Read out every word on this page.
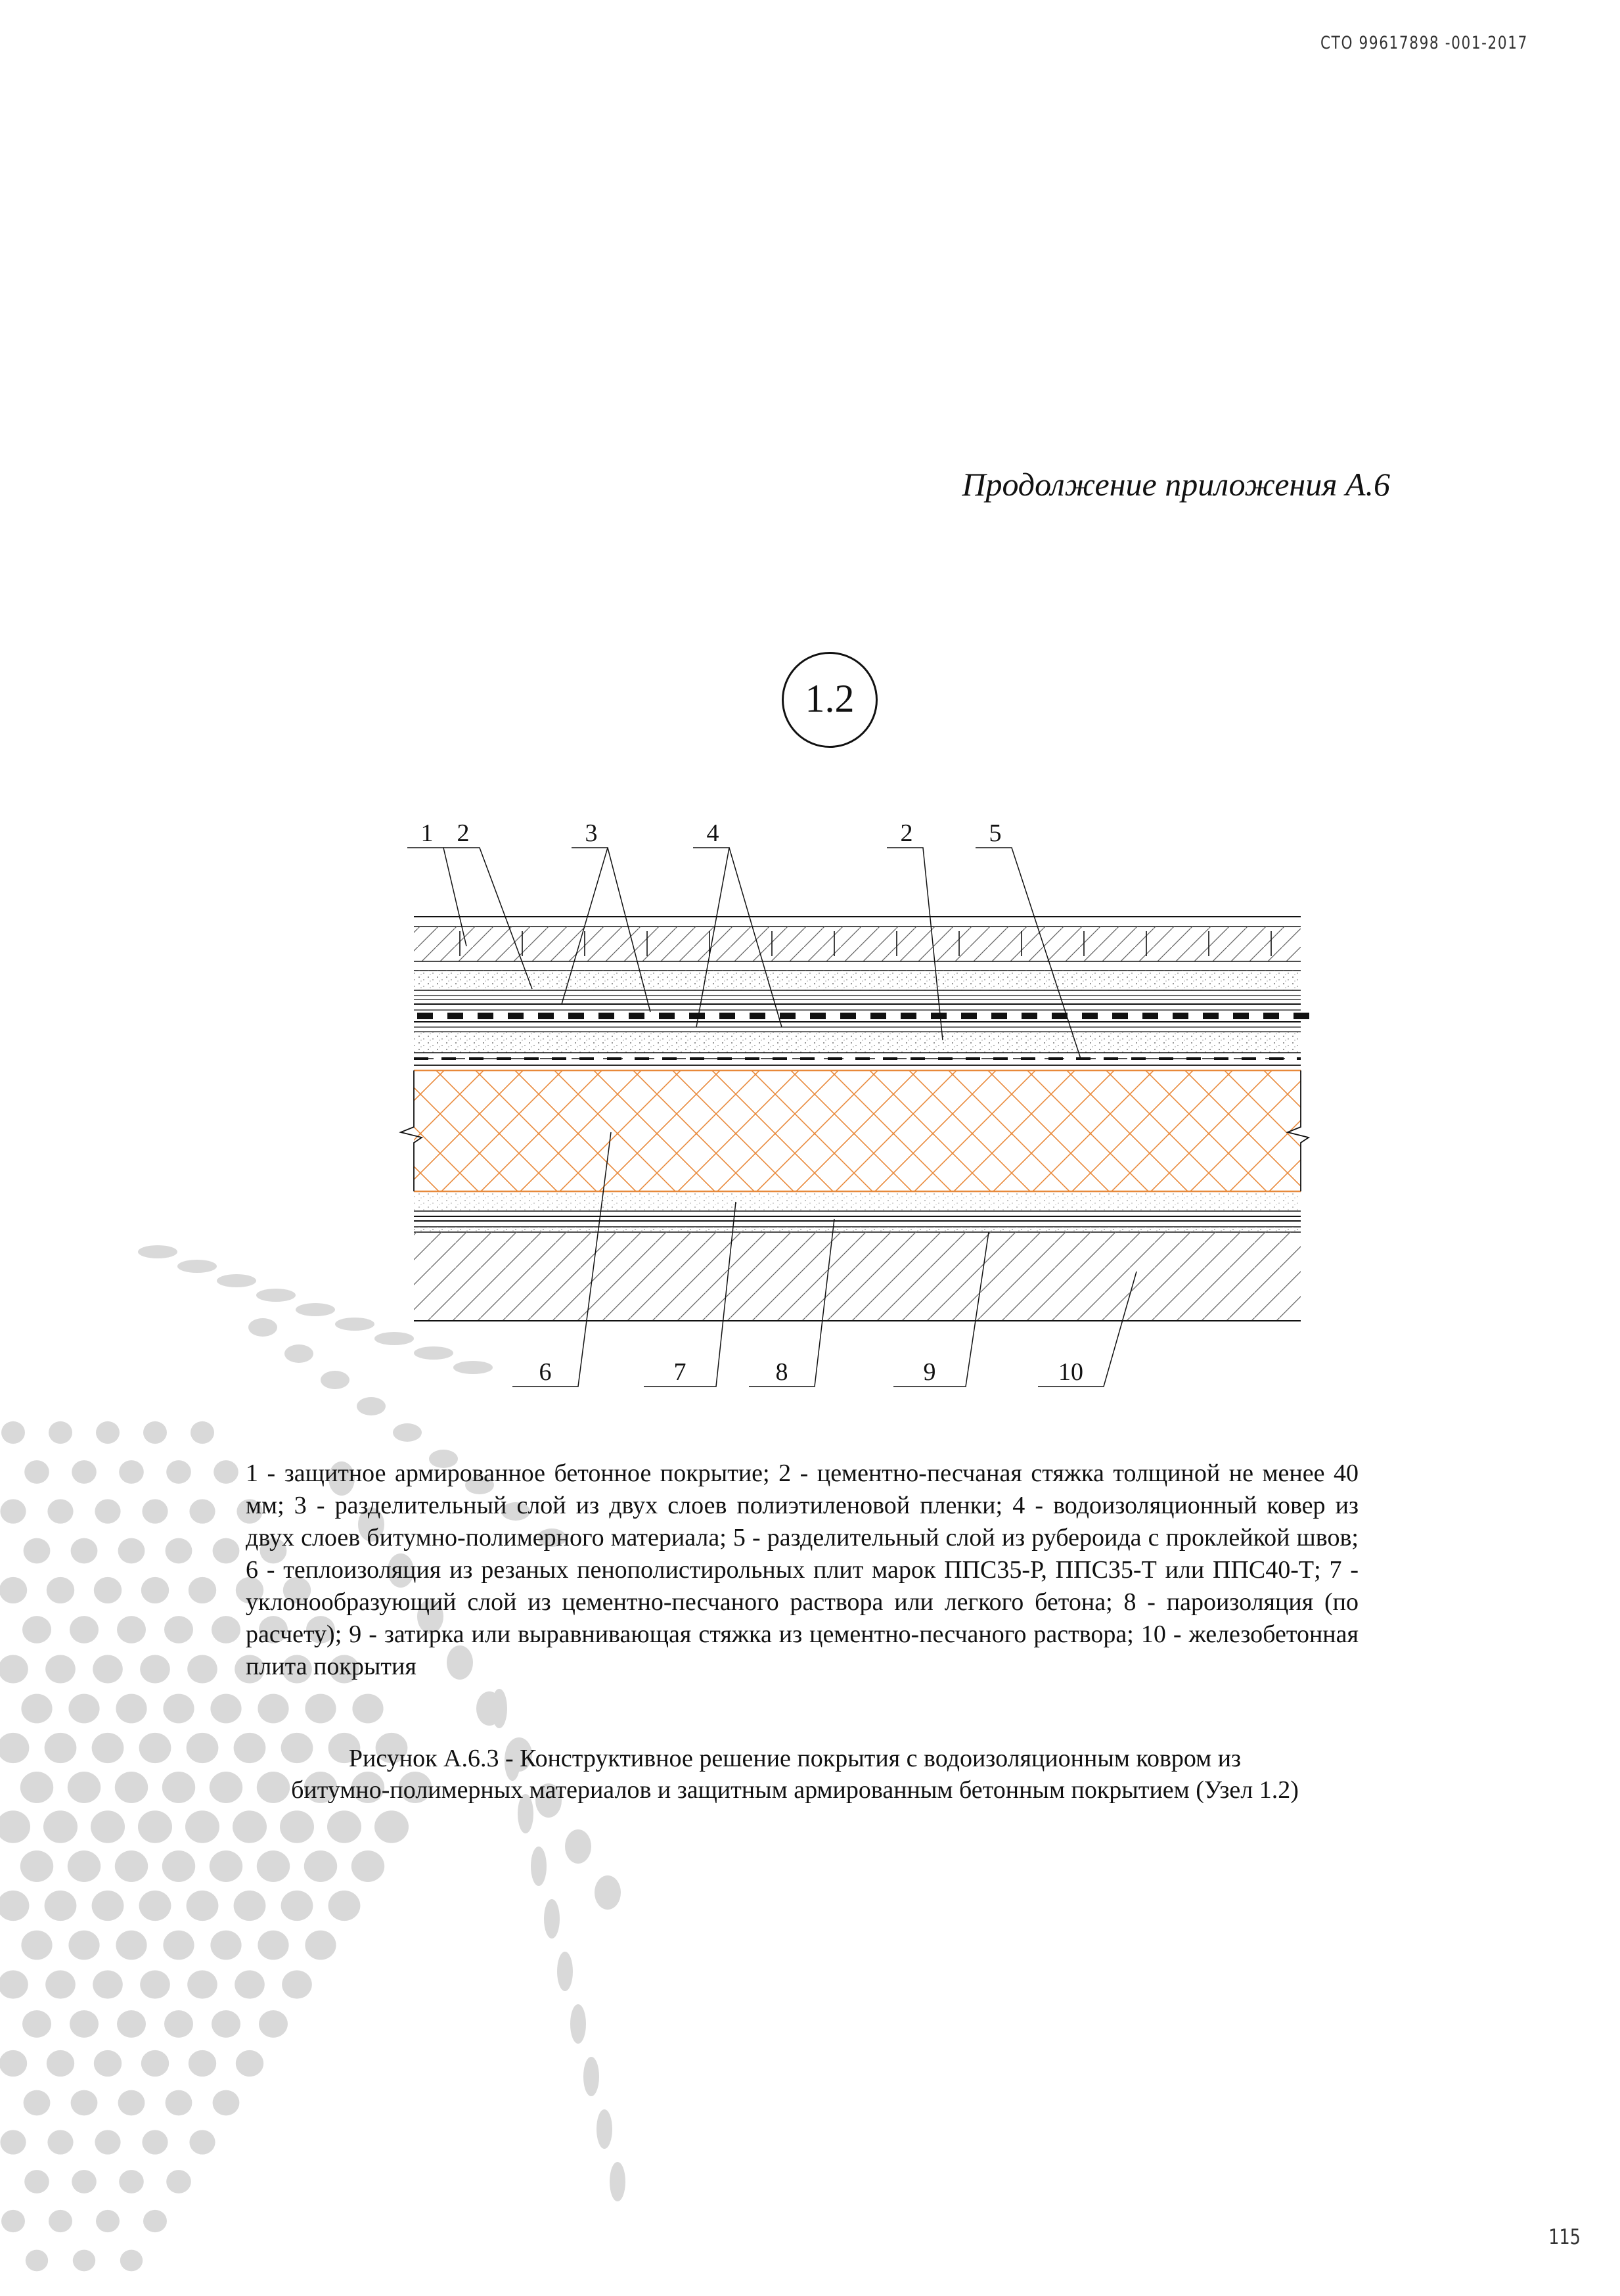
СТО 99617898 -001-2017
Продолжение приложения А.6
1.2
1 2	3	4	2	5
6	7	8	9	10
1 - защитное армированное бетонное покрытие; 2 - цементно-песчаная стяжка толщиной не менее 40 мм; 3 - разделительный слой из двух слоев полиэтиленовой пленки; 4 - водоизоляционный ковер из двух слоев битумно-полимерного материала; 5 - разделительный слой из рубероида с проклейкой швов; 6 - теплоизоляция из резаных пенополистирольных плит марок ППС35-Р, ППС35-Т или ППС40-Т; 7 - уклонообразующий слой из цементно-песчаного раствора или легкого бетона; 8 - пароизоляция (по расчету); 9 - затирка или выравнивающая стяжка из цементно-песчаного раствора; 10 - железобетонная плита покрытия
Рисунок А.6.3 - Конструктивное решение покрытия с водоизоляционным ковром из
битумно-полимерных материалов и защитным армированным бетонным покрытием (Узел 1.2)
115
